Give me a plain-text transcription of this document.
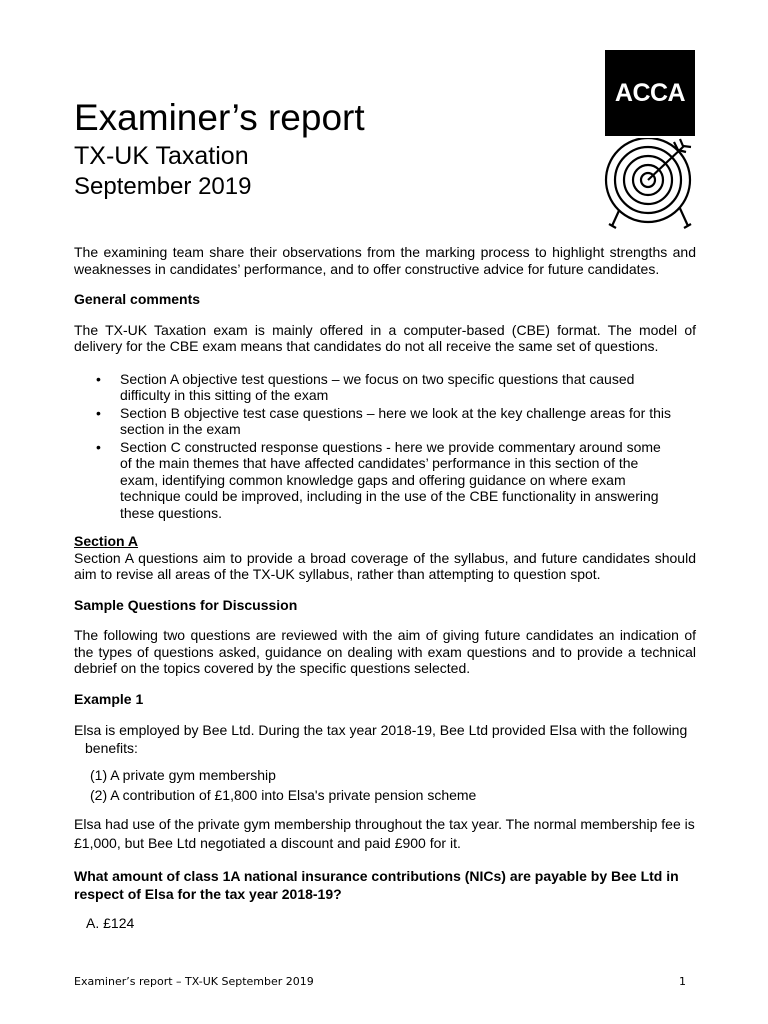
Examiner’s report
TX-UK Taxation
September 2019
ACCA

The examining team share their observations from the marking process to highlight strengths and weaknesses in candidates’ performance, and to offer constructive advice for future candidates.

General comments

The TX-UK Taxation exam is mainly offered in a computer-based (CBE) format. The model of delivery for the CBE exam means that candidates do not all receive the same set of questions.

• Section A objective test questions – we focus on two specific questions that caused difficulty in this sitting of the exam
• Section B objective test case questions – here we look at the key challenge areas for this section in the exam
• Section C constructed response questions - here we provide commentary around some of the main themes that have affected candidates’ performance in this section of the exam, identifying common knowledge gaps and offering guidance on where exam technique could be improved, including in the use of the CBE functionality in answering these questions.

Section A

Section A questions aim to provide a broad coverage of the syllabus, and future candidates should aim to revise all areas of the TX-UK syllabus, rather than attempting to question spot.

Sample Questions for Discussion

The following two questions are reviewed with the aim of giving future candidates an indication of the types of questions asked, guidance on dealing with exam questions and to provide a technical debrief on the topics covered by the specific questions selected.

Example 1

Elsa is employed by Bee Ltd. During the tax year 2018-19, Bee Ltd provided Elsa with the following
benefits:

(1) A private gym membership
(2) A contribution of £1,800 into Elsa's private pension scheme

Elsa had use of the private gym membership throughout the tax year. The normal membership fee is £1,000, but Bee Ltd negotiated a discount and paid £900 for it.

What amount of class 1A national insurance contributions (NICs) are payable by Bee Ltd in respect of Elsa for the tax year 2018-19?

A. £124

Examiner’s report – TX-UK September 2019	1
